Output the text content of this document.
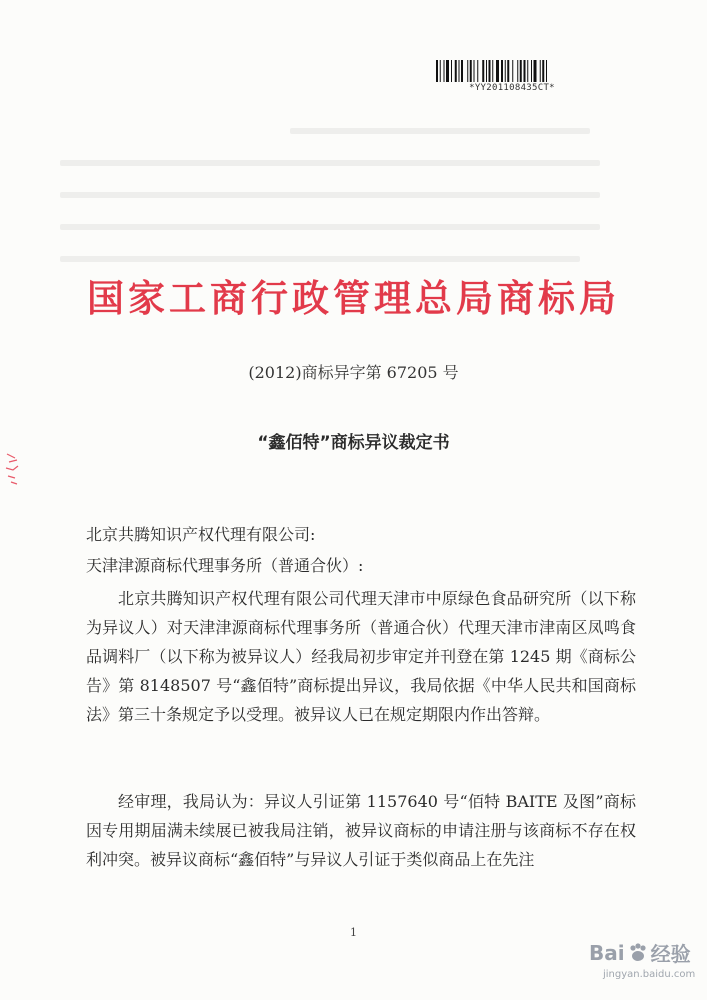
*YY201108435CT*
国家工商行政管理总局商标局
(2012)商标异字第 67205 号
“鑫佰特”商标异议裁定书
北京共腾知识产权代理有限公司:
天津津源商标代理事务所（普通合伙）:
北京共腾知识产权代理有限公司代理天津市中原绿色食品研究所（以下称为异议人）对天津津源商标代理事务所（普通合伙）代理天津市津南区凤鸣食品调料厂（以下称为被异议人）经我局初步审定并刊登在第 1245 期《商标公告》第 8148507 号“鑫佰特”商标提出异议，我局依据《中华人民共和国商标法》第三十条规定予以受理。被异议人已在规定期限内作出答辩。
经审理，我局认为：异议人引证第 1157640 号“佰特 BAITE 及图”商标因专用期届满未续展已被我局注销，被异议商标的申请注册与该商标不存在权利冲突。被异议商标“鑫佰特”与异议人引证于类似商品上在先注
1
Bai 经验
jingyan.baidu.com
